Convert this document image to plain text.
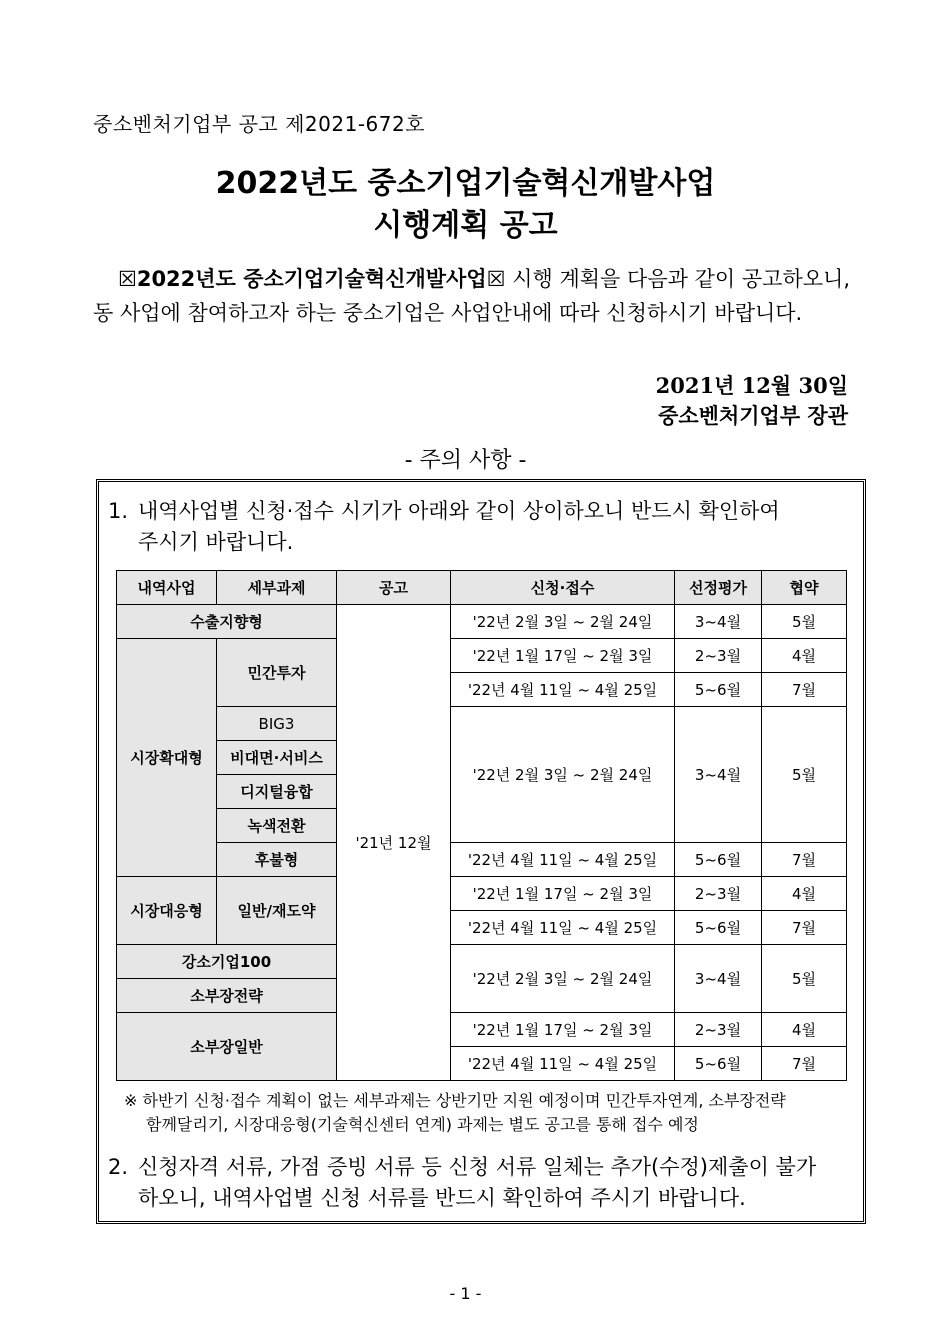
중소벤처기업부 공고 제2021-672호
2022년도 중소기업기술혁신개발사업
시행계획 공고
☒2022년도 중소기업기술혁신개발사업☒ 시행 계획을 다음과 같이 공고하오니, 동 사업에 참여하고자 하는 중소기업은 사업안내에 따라 신청하시기 바랍니다.
2021년 12월 30일
중소벤처기업부 장관
- 주의 사항 -
1. 내역사업별 신청·접수 시기가 아래와 같이 상이하오니 반드시 확인하여
주시기 바랍니다.
내역사업	세부과제	공고	신청·접수	선정평가	협약
수출지향형		'21년 12월	'22년 2월 3일 ~ 2월 24일	3~4월	5월
시장확대형	민간투자		'22년 1월 17일 ~ 2월 3일	2~3월	4월
			'22년 4월 11일 ~ 4월 25일	5~6월	7월
	BIG3		'22년 2월 3일 ~ 2월 24일	3~4월	5월
	비대면·서비스				
	디지털융합				
	녹색전환				
	후불형		'22년 4월 11일 ~ 4월 25일	5~6월	7월
시장대응형	일반/재도약		'22년 1월 17일 ~ 2월 3일	2~3월	4월
			'22년 4월 11일 ~ 4월 25일	5~6월	7월
강소기업100			'22년 2월 3일 ~ 2월 24일	3~4월	5월
소부장전략					
소부장일반			'22년 1월 17일 ~ 2월 3일	2~3월	4월
			'22년 4월 11일 ~ 4월 25일	5~6월	7월
※ 하반기 신청·접수 계획이 없는 세부과제는 상반기만 지원 예정이며 민간투자연계, 소부장전략
함께달리기, 시장대응형(기술혁신센터 연계) 과제는 별도 공고를 통해 접수 예정
2. 신청자격 서류, 가점 증빙 서류 등 신청 서류 일체는 추가(수정)제출이 불가
하오니, 내역사업별 신청 서류를 반드시 확인하여 주시기 바랍니다.
- 1 -
